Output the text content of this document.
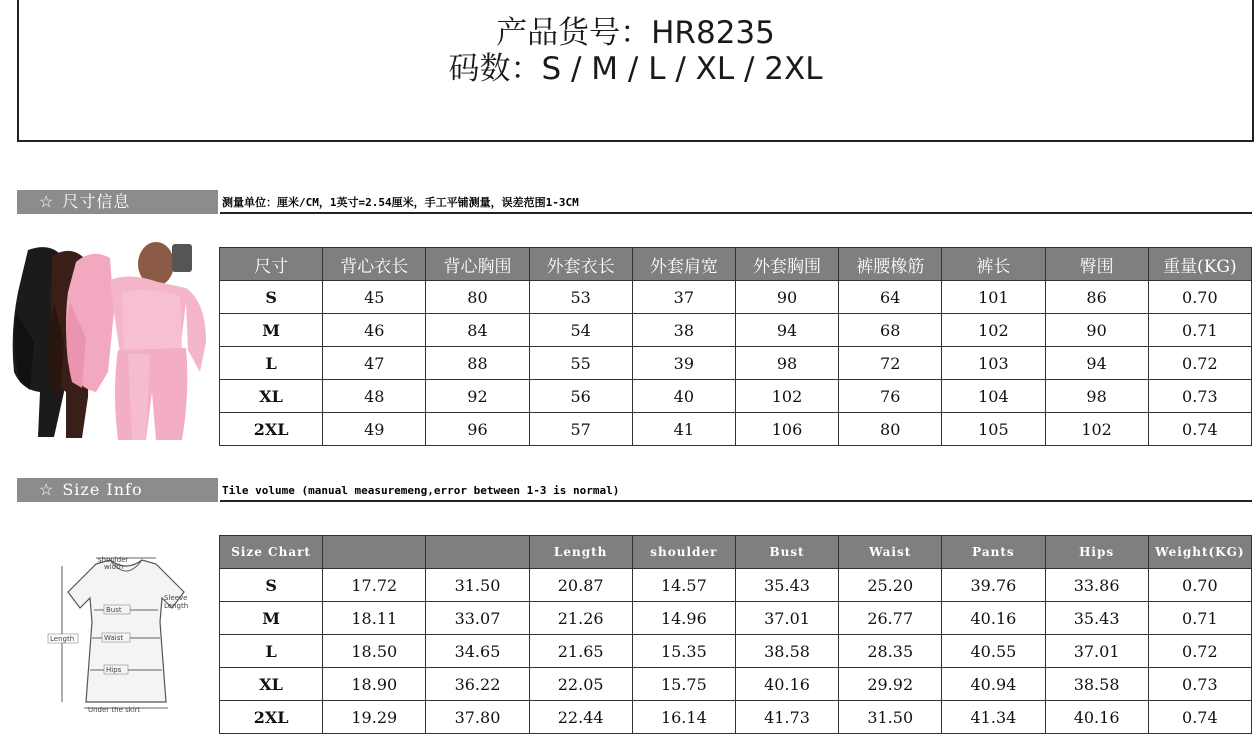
产品货号：HR8235
码数：S / M / L / XL / 2XL
☆ 尺寸信息	测量单位：厘米/CM，1英寸=2.54厘米，手工平铺测量，误差范围1-3CM
尺寸	背心衣长	背心胸围	外套衣长	外套肩宽	外套胸围	裤腰橡筋	裤长	臀围	重量(KG)
S	45	80	53	37	90	64	101	86	0.70
M	46	84	54	38	94	68	102	90	0.71
L	47	88	55	39	98	72	103	94	0.72
XL	48	92	56	40	102	76	104	98	0.73
2XL	49	96	57	41	106	80	105	102	0.74
☆ Size Info	Tile volume (manual measuremeng,error between 1-3 is normal)
shoulder
width
Sleeve
Length
Bust
Waist
Hips
Length
Under the skirt
Size Chart			Length	shoulder	Bust	Waist	Pants	Hips	Weight(KG)
S	17.72	31.50	20.87	14.57	35.43	25.20	39.76	33.86	0.70
M	18.11	33.07	21.26	14.96	37.01	26.77	40.16	35.43	0.71
L	18.50	34.65	21.65	15.35	38.58	28.35	40.55	37.01	0.72
XL	18.90	36.22	22.05	15.75	40.16	29.92	40.94	38.58	0.73
2XL	19.29	37.80	22.44	16.14	41.73	31.50	41.34	40.16	0.74
